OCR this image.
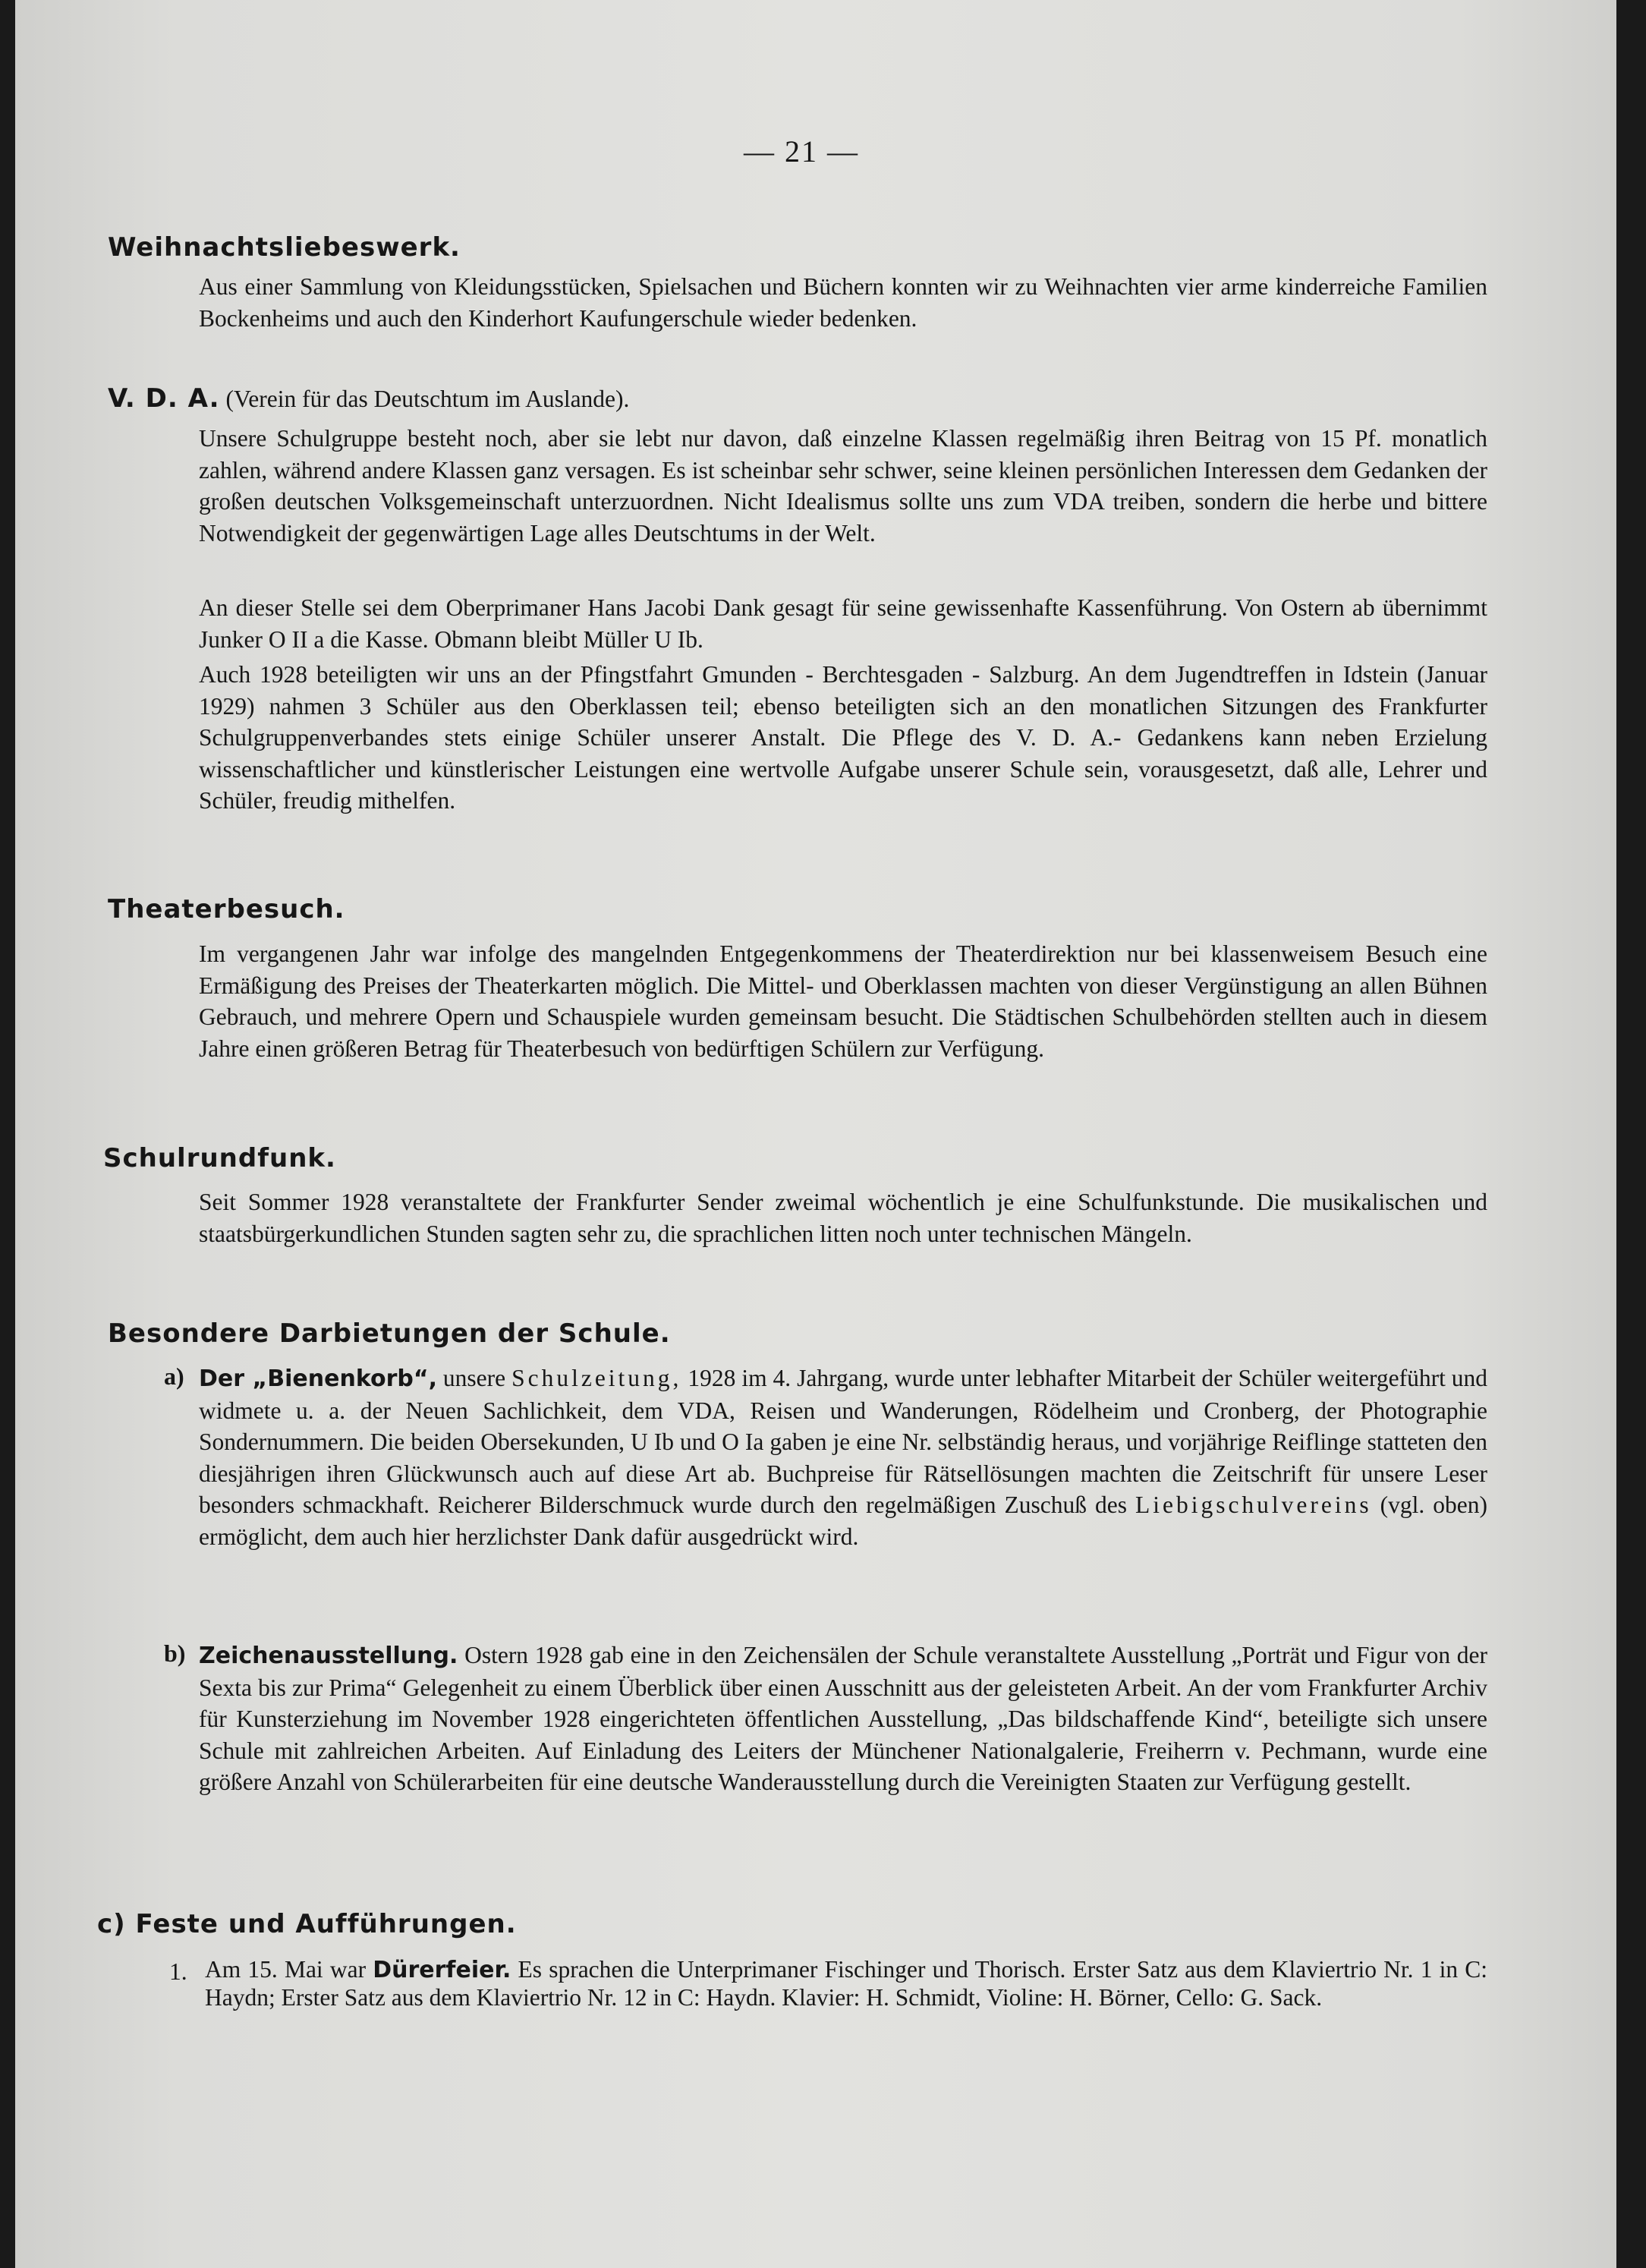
— 21 —
Weihnachtsliebeswerk.

Aus einer Sammlung von Kleidungsstücken, Spielsachen und Büchern konnten wir zu Weihnachten vier arme kinderreiche Familien Bockenheims und auch den Kinderhort Kaufungerschule wieder bedenken.

V. D. A. (Verein für das Deutschtum im Auslande).

Unsere Schulgruppe besteht noch, aber sie lebt nur davon, daß einzelne Klassen regelmäßig ihren Beitrag von 15 Pf. monatlich zahlen, während andere Klassen ganz versagen. Es ist scheinbar sehr schwer, seine kleinen persönlichen Interessen dem Gedanken der großen deutschen Volksgemeinschaft unterzuordnen. Nicht Idealismus sollte uns zum VDA treiben, sondern die herbe und bittere Notwendigkeit der gegenwärtigen Lage alles Deutschtums in der Welt.

An dieser Stelle sei dem Oberprimaner Hans Jacobi Dank gesagt für seine gewissenhafte Kassenführung. Von Ostern ab übernimmt Junker O II a die Kasse. Obmann bleibt Müller U Ib.

Auch 1928 beteiligten wir uns an der Pfingstfahrt Gmunden - Berchtesgaden - Salzburg. An dem Jugendtreffen in Idstein (Januar 1929) nahmen 3 Schüler aus den Oberklassen teil; ebenso beteiligten sich an den monatlichen Sitzungen des Frankfurter Schulgruppenverbandes stets einige Schüler unserer Anstalt. Die Pflege des V. D. A.- Gedankens kann neben Erzielung wissenschaftlicher und künstlerischer Leistungen eine wertvolle Aufgabe unserer Schule sein, vorausgesetzt, daß alle, Lehrer und Schüler, freudig mithelfen.

Theaterbesuch.

Im vergangenen Jahr war infolge des mangelnden Entgegenkommens der Theaterdirektion nur bei klassenweisem Besuch eine Ermäßigung des Preises der Theaterkarten möglich. Die Mittel- und Oberklassen machten von dieser Vergünstigung an allen Bühnen Gebrauch, und mehrere Opern und Schauspiele wurden gemeinsam besucht. Die Städtischen Schulbehörden stellten auch in diesem Jahre einen größeren Betrag für Theaterbesuch von bedürftigen Schülern zur Verfügung.

Schulrundfunk.

Seit Sommer 1928 veranstaltete der Frankfurter Sender zweimal wöchentlich je eine Schulfunkstunde. Die musikalischen und staatsbürgerkundlichen Stunden sagten sehr zu, die sprachlichen litten noch unter technischen Mängeln.

Besondere Darbietungen der Schule.
a) Der „Bienenkorb“, unsere Schulzeitung, 1928 im 4. Jahrgang, wurde unter lebhafter Mitarbeit der Schüler weitergeführt und widmete u. a. der Neuen Sachlichkeit, dem VDA, Reisen und Wanderungen, Rödelheim und Cronberg, der Photographie Sondernummern. Die beiden Obersekunden, U Ib und O Ia gaben je eine Nr. selbständig heraus, und vorjährige Reiflinge statteten den diesjährigen ihren Glückwunsch auch auf diese Art ab. Buchpreise für Rätsellösungen machten die Zeitschrift für unsere Leser besonders schmackhaft. Reicherer Bilderschmuck wurde durch den regelmäßigen Zuschuß des Liebigschulvereins (vgl. oben) ermöglicht, dem auch hier herzlichster Dank dafür ausgedrückt wird.

b) Zeichenausstellung. Ostern 1928 gab eine in den Zeichensälen der Schule veranstaltete Ausstellung „Porträt und Figur von der Sexta bis zur Prima“ Gelegenheit zu einem Überblick über einen Ausschnitt aus der geleisteten Arbeit. An der vom Frankfurter Archiv für Kunsterziehung im November 1928 eingerichteten öffentlichen Ausstellung, „Das bildschaffende Kind“, beteiligte sich unsere Schule mit zahlreichen Arbeiten. Auf Einladung des Leiters der Münchener Nationalgalerie, Freiherrn v. Pechmann, wurde eine größere Anzahl von Schülerarbeiten für eine deutsche Wanderausstellung durch die Vereinigten Staaten zur Verfügung gestellt.

c) Feste und Aufführungen.
1. Am 15. Mai war Dürerfeier. Es sprachen die Unterprimaner Fischinger und Thorisch. Erster Satz aus dem Klaviertrio Nr. 1 in C: Haydn; Erster Satz aus dem Klaviertrio Nr. 12 in C: Haydn. Klavier: H. Schmidt, Violine: H. Börner, Cello: G. Sack.
